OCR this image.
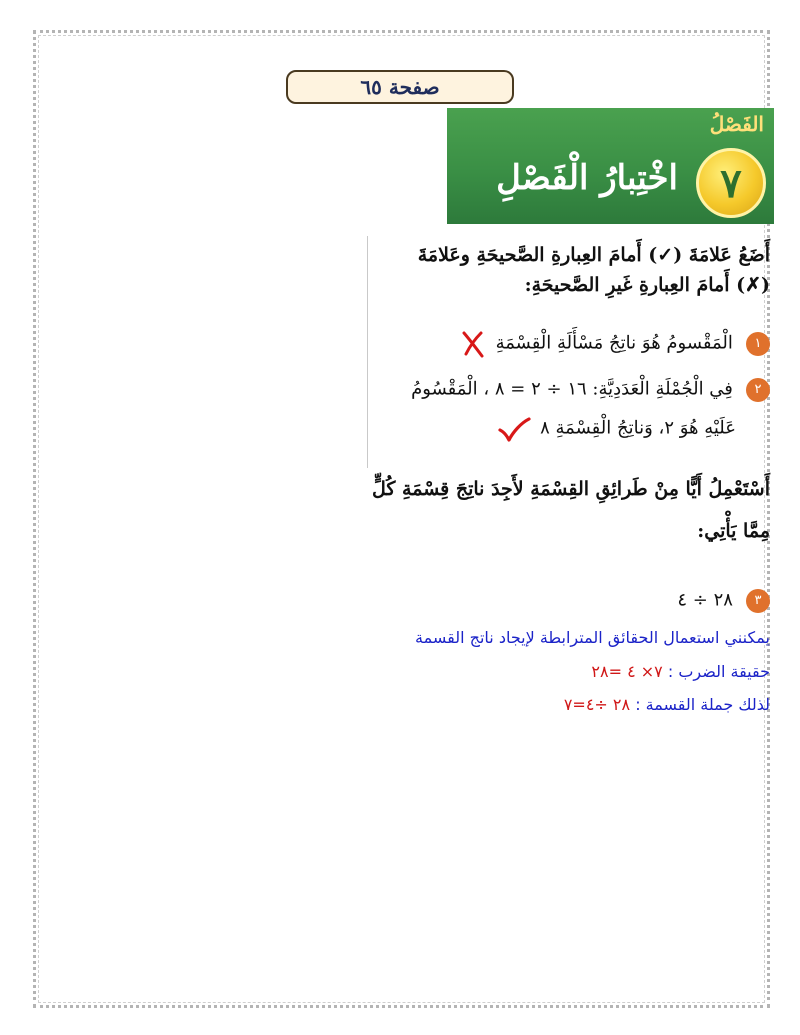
صفحة ٦٥
الفَصْلُ
اخْتِبارُ الْفَصْلِ ٧
أَضَعُ عَلامَةَ (✓) أَمامَ العِبارةِ الصَّحيحَةِ وعَلامَةَ
(✗) أَمامَ العِبارةِ غَيرِ الصَّحيحَةِ:
١ الْمَقْسومُ هُوَ ناتِجُ مَسْأَلَةِ الْقِسْمَةِ
٢ فِي الْجُمْلَةِ الْعَدَدِيَّةِ: ١٦ ÷ ٢ = ٨ ، الْمَقْسُومُ
عَلَيْهِ هُوَ ٢، وَناتِجُ الْقِسْمَةِ ٨
أَسْتَعْمِلُ أَيًّا مِنْ طَرائِقِ القِسْمَةِ لأَجِدَ ناتِجَ قِسْمَةِ كُلٍّ
مِمَّا يَأْتِي:
٣ ٢٨ ÷ ٤
يمكنني استعمال الحقائق المترابطة لإيجاد ناتج القسمة
حقيقة الضرب : ٧× ٤ =٢٨
لذلك جملة القسمة : ٢٨ ÷٤=٧
